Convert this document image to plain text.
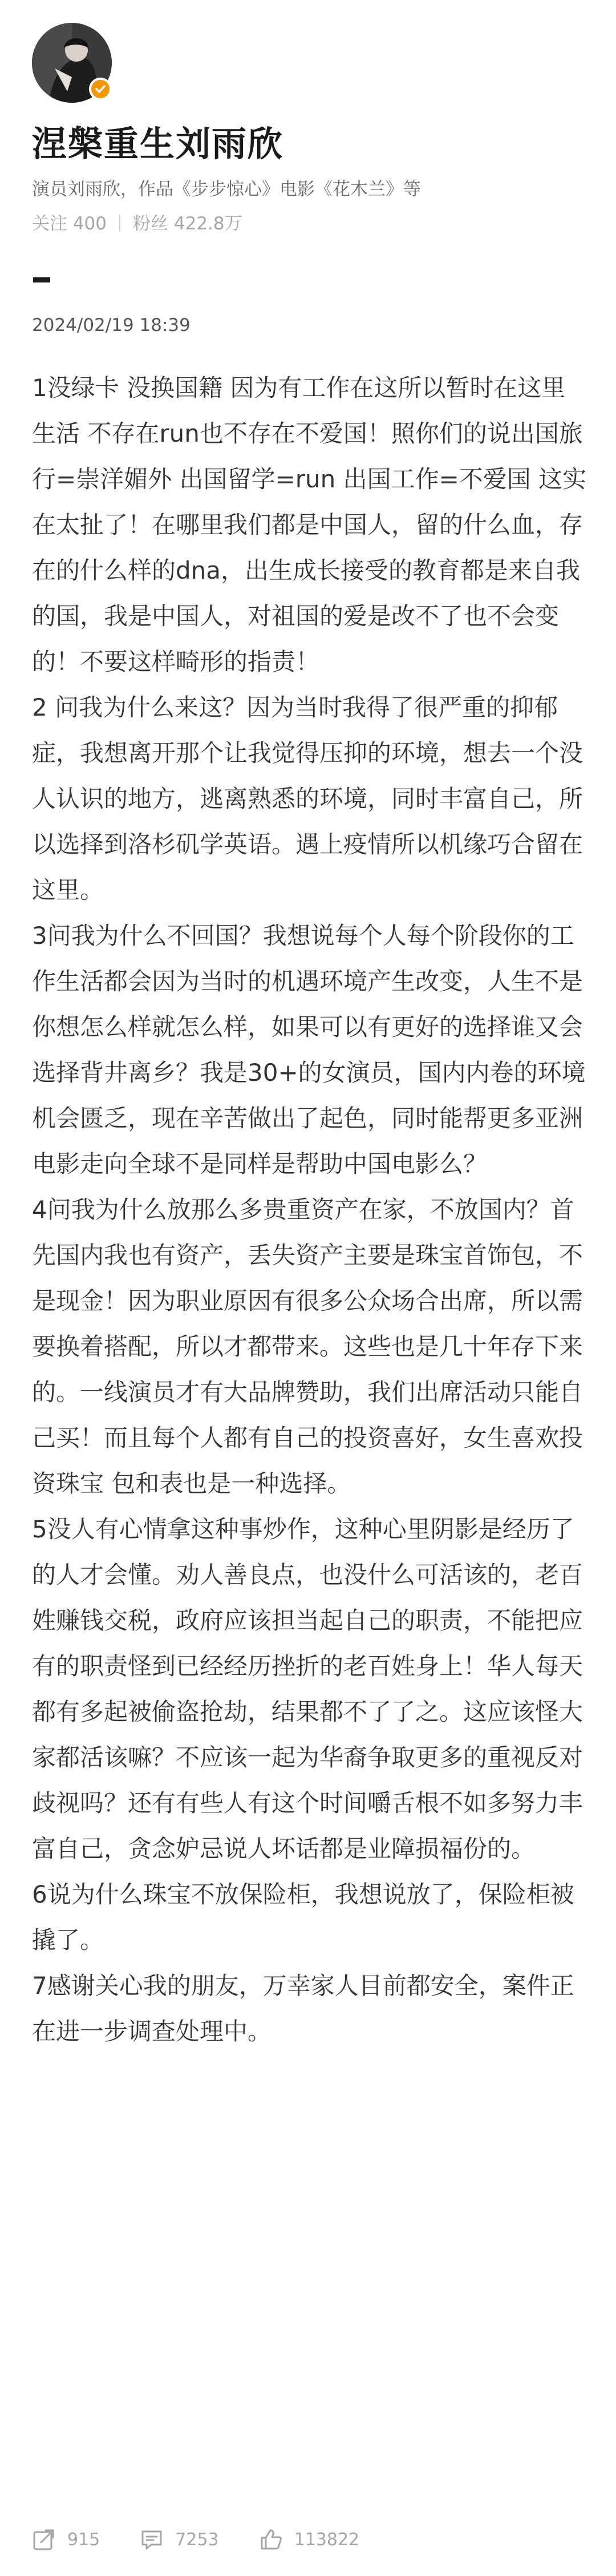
涅槃重生刘雨欣
演员刘雨欣，作品《步步惊心》电影《花木兰》等
关注 400 粉丝 422.8万
2024/02/19 18:39

1没绿卡 没换国籍 因为有工作在这所以暂时在这里生活 不存在run也不存在不爱国！照你们的说出国旅行=崇洋媚外 出国留学=run 出国工作=不爱国 这实在太扯了！在哪里我们都是中国人，留的什么血，存在的什么样的dna，出生成长接受的教育都是来自我的国，我是中国人，对祖国的爱是改不了也不会变的！不要这样畸形的指责！

2 问我为什么来这？因为当时我得了很严重的抑郁症，我想离开那个让我觉得压抑的环境，想去一个没人认识的地方，逃离熟悉的环境，同时丰富自己，所以选择到洛杉矶学英语。遇上疫情所以机缘巧合留在这里。

3问我为什么不回国？我想说每个人每个阶段你的工作生活都会因为当时的机遇环境产生改变，人生不是你想怎么样就怎么样，如果可以有更好的选择谁又会选择背井离乡？我是30+的女演员，国内内卷的环境机会匮乏，现在辛苦做出了起色，同时能帮更多亚洲电影走向全球不是同样是帮助中国电影么？

4问我为什么放那么多贵重资产在家，不放国内？首先国内我也有资产，丢失资产主要是珠宝首饰包，不是现金！因为职业原因有很多公众场合出席，所以需要换着搭配，所以才都带来。这些也是几十年存下来的。一线演员才有大品牌赞助，我们出席活动只能自己买！而且每个人都有自己的投资喜好，女生喜欢投资珠宝 包和表也是一种选择。

5没人有心情拿这种事炒作，这种心里阴影是经历了的人才会懂。劝人善良点，也没什么可活该的，老百姓赚钱交税，政府应该担当起自己的职责，不能把应有的职责怪到已经经历挫折的老百姓身上！华人每天都有多起被偷盗抢劫，结果都不了了之。这应该怪大家都活该嘛？不应该一起为华裔争取更多的重视反对歧视吗？还有有些人有这个时间嚼舌根不如多努力丰富自己，贪念妒忌说人坏话都是业障损福份的。

6说为什么珠宝不放保险柜，我想说放了，保险柜被撬了。

7感谢关心我的朋友，万幸家人目前都安全，案件正在进一步调查处理中。

915	7253	113822
